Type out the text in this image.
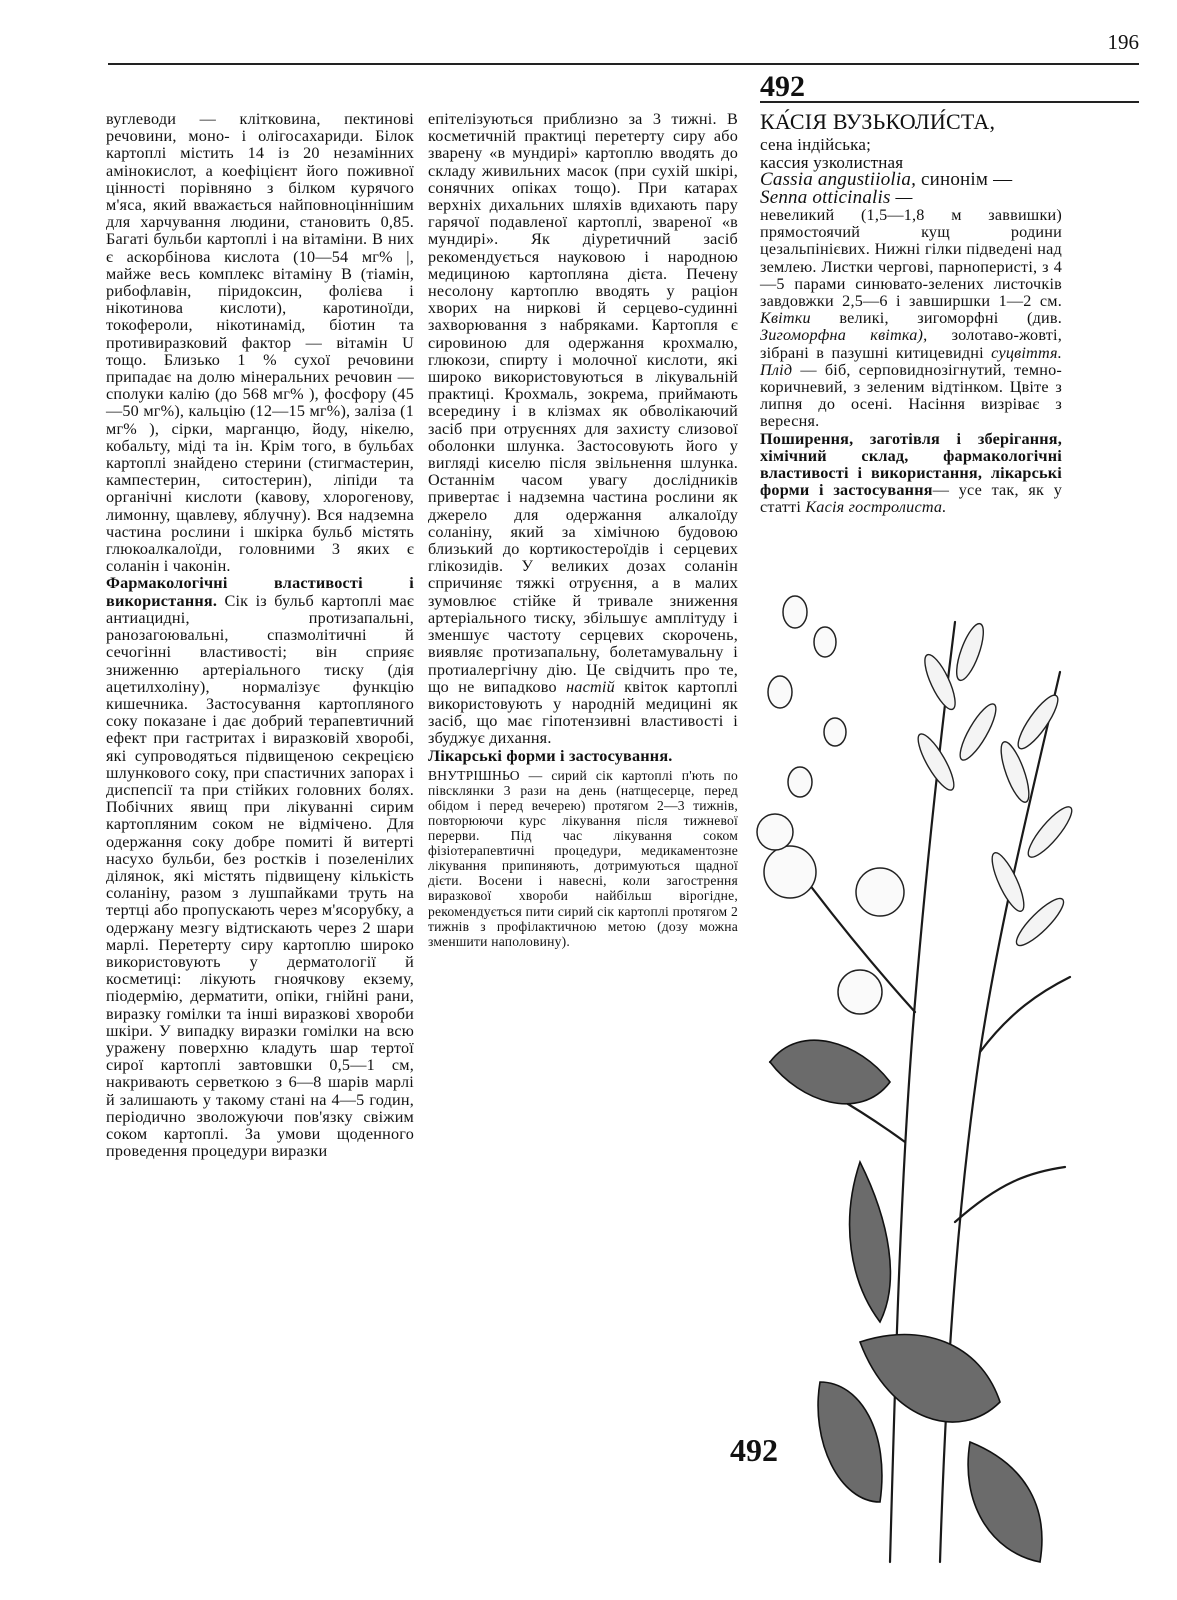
196
492

вуглеводи — клітковина, пектинові речовини, моно- і олігосахариди. Білок картоплі містить 14 із 20 незамінних амінокислот, а коефіцієнт його поживної цінності порівняно з білком курячого м'яса, який вважається найповноціннішим для харчування людини, становить 0,85. Багаті бульби картоплі і на вітаміни. В них є аскорбінова кислота (10—54 мг% |, майже весь комплекс вітаміну В (тіамін, рибофлавін, піридоксин, фолієва і нікотинова кислоти), каротиноїди, токофероли, нікотинамід, біотин та противиразковий фактор — вітамін U тощо. Близько 1 % сухої речовини припадає на долю мінеральних речовин — сполуки калію (до 568 мг% ), фосфору (45—50 мг%), кальцію (12—15 мг%), заліза (1 мг% ), сірки, марганцю, йоду, нікелю, кобальту, міді та ін. Крім того, в бульбах картоплі знайдено стерини (стигмастерин, кампестерин, ситостерин), ліпіди та органічні кислоти (кавову, хлорогенову, лимонну, щавлеву, яблучну). Вся надземна частина рослини і шкірка бульб містять глюкоалкалоїди, головними 3 яких є соланін і чаконін.

Фармакологічні властивості і використання. Сік із бульб картоплі має антиацидні, протизапальні, ранозагоювальні, спазмолітичні й сечогінні властивості; він сприяє зниженню артеріального тиску (дія ацетилхоліну), нормалізує функцію кишечника. Застосування картопляного соку показане і дає добрий терапевтичний ефект при гастритах і виразковій хворобі, які супроводяться підвищеною секрецією шлункового соку, при спастичних запорах і диспепсії та при стійких головних болях. Побічних явищ при лікуванні сирим картопляним соком не відмічено. Для одержання соку добре помиті й витерті насухо бульби, без ростків і позеленілих ділянок, які містять підвищену кількість соланіну, разом з лушпайками труть на тертці або пропускають через м'ясорубку, а одержану мезгу відтискають через 2 шари марлі. Перетерту сиру картоплю широко використовують у дерматології й косметиці: лікують гноячкову екзему, піодермію, дерматити, опіки, гнійні рани, виразку гомілки та інші виразкові хвороби шкіри. У випадку виразки гомілки на всю уражену поверхню кладуть шар тертої сирої картоплі завтовшки 0,5—1 см, накривають серветкою з 6—8 шарів марлі й залишають у такому стані на 4—5 годин, періодично зволожуючи пов'язку свіжим соком картоплі. За умови щоденного проведення процедури виразки

епітелізуються приблизно за 3 тижні. В косметичній практиці перетерту сиру або зварену «в мундирі» картоплю вводять до складу живильних масок (при сухій шкірі, сонячних опіках тощо). При катарах верхніх дихальних шляхів вдихають пару гарячої подавленої картоплі, звареної «в мундирі». Як діуретичний засіб рекомендується науковою і народною медициною картопляна дієта. Печену несолону картоплю вводять у раціон хворих на ниркові й серцево-судинні захворювання з набряками. Картопля є сировиною для одержання крохмалю, глюкози, спирту і молочної кислоти, які широко використовуються в лікувальній практиці. Крохмаль, зокрема, приймають всередину і в клізмах як обволікаючий засіб при отруєннях для захисту слизової оболонки шлунка. Застосовують його у вигляді киселю після звільнення шлунка. Останнім часом увагу дослідників привертає і надземна частина рослини як джерело для одержання алкалоїду соланіну, який за хімічною будовою близький до кортикостероїдів і серцевих глікозидів. У великих дозах соланін спричиняє тяжкі отруєння, а в малих зумовлює стійке й тривале зниження артеріального тиску, збільшує амплітуду і зменшує частоту серцевих скорочень, виявляє протизапальну, болетамувальну і протиалергічну дію. Це свідчить про те, що не випадково настій квіток картоплі використовують у народній медицині як засіб, що має гіпотензивні властивості і збуджує дихання.

Лікарські форми і застосування.

ВНУТРІШНЬО — сирий сік картоплі п'ють по півсклянки 3 рази на день (натщесерце, перед обідом і перед вечерею) протягом 2—3 тижнів, повторюючи курс лікування після тижневої перерви. Під час лікування соком фізіотерапевтичні процедури, медикаментозне лікування припиняють, дотримуються щадної дієти. Восени і навесні, коли загострення виразкової хвороби найбільш вірогідне, рекомендується пити сирий сік картоплі протягом 2 тижнів з профілактичною метою (дозу можна зменшити наполовину).

КА́СІЯ ВУЗЬКОЛИ́СТА,

сена індійська;

кассия узколистная

Cassia angustiiolia, синонім —

Senna otticinalis —

невеликий (1,5—1,8 м заввишки) прямостоячий кущ родини цезальпінієвих. Нижні гілки підведені над землею. Листки чергові, парноперисті, з 4—5 парами синювато-зелених листочків завдовжки 2,5—6 і завширшки 1—2 см. Квітки великі, зигоморфні (див. Зигоморфна квітка), золотаво-жовті, зібрані в пазушні китицевидні суцвіття. Плід — біб, серповиднозігнутий, темно-коричневий, з зеленим відтінком. Цвіте з липня до осені. Насіння визріває з вересня.

Поширення, заготівля і зберігання, хімічний склад, фармакологічні властивості і використання, лікарські форми і застосування— усе так, як у статті Касія гостролиста.

492
